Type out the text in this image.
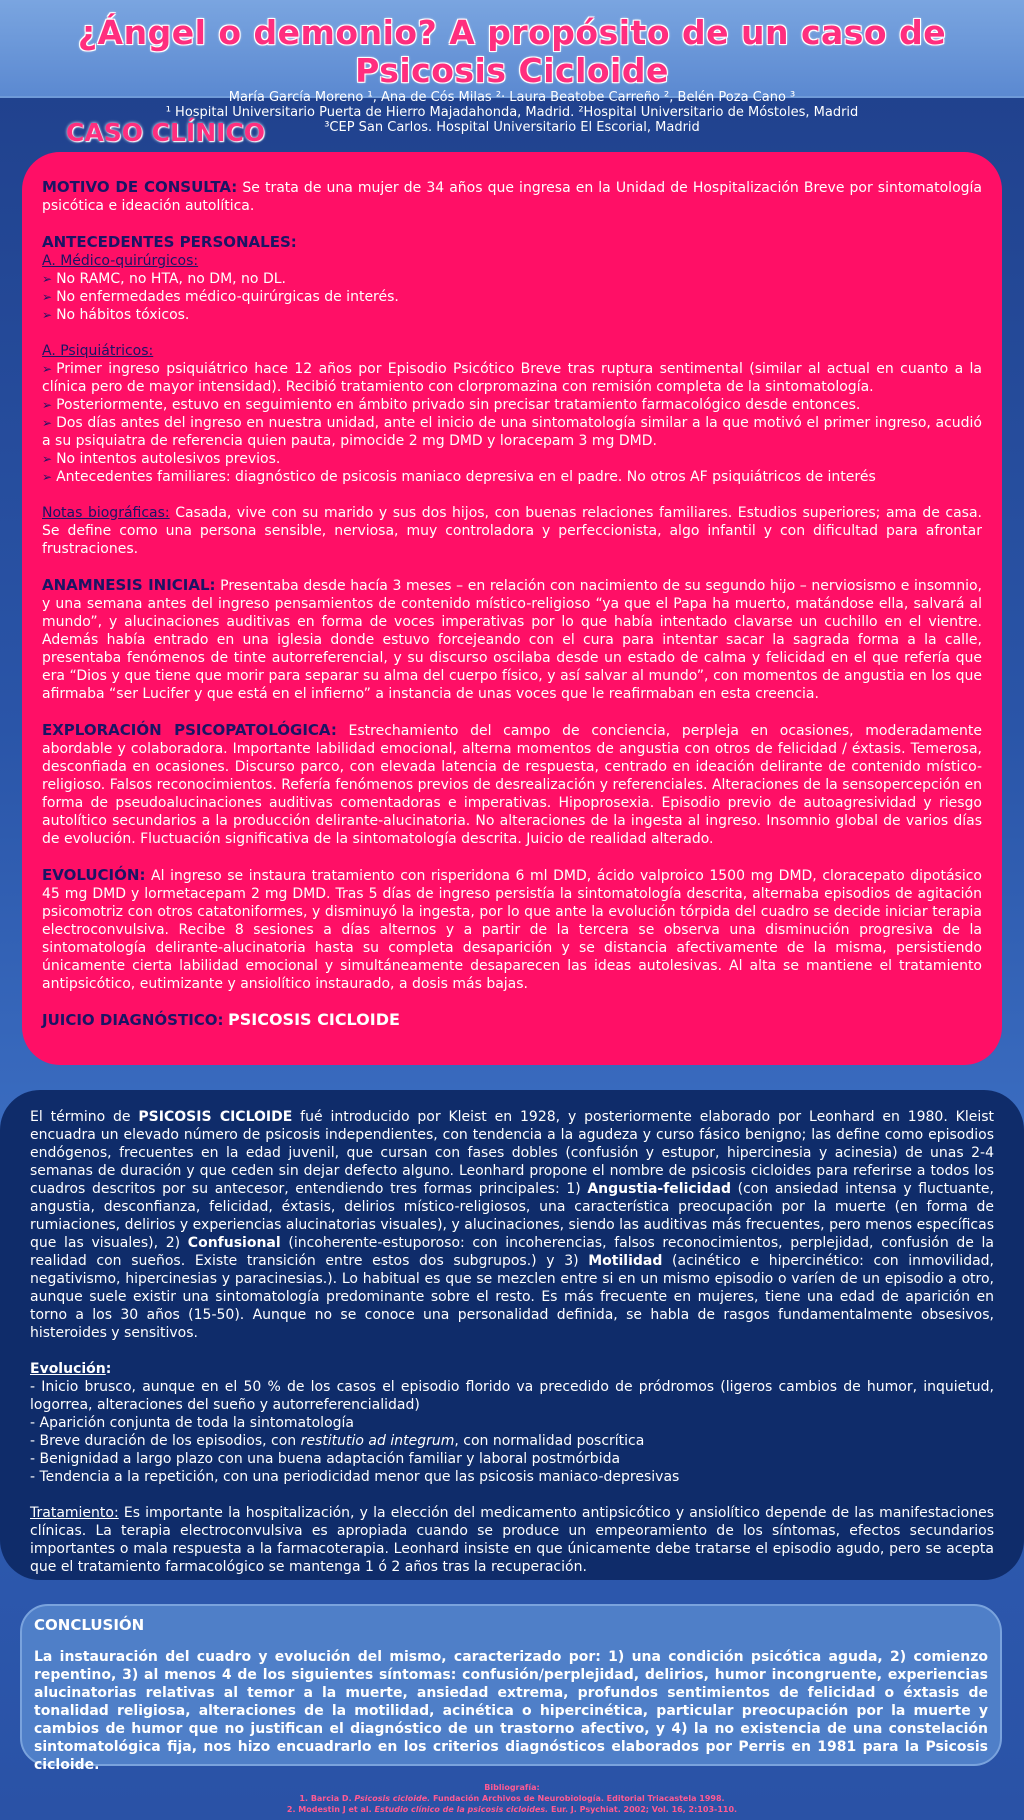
¿Ángel o demonio? A propósito de un caso de Psicosis Cicloide

María García Moreno ¹, Ana de Cós Milas ²· Laura Beatobe Carreño ², Belén Poza Cano ³

¹ Hospital Universitario Puerta de Hierro Majadahonda, Madrid. ²Hospital Universitario de Móstoles, Madrid

³CEP San Carlos. Hospital Universitario El Escorial, Madrid

CASO CLÍNICO

MOTIVO DE CONSULTA: Se trata de una mujer de 34 años que ingresa en la Unidad de Hospitalización Breve por sintomatología psicótica e ideación autolítica.

ANTECEDENTES PERSONALES:

A. Médico-quirúrgicos:

➢ No RAMC, no HTA, no DM, no DL.

➢ No enfermedades médico-quirúrgicas de interés.

➢ No hábitos tóxicos.

A. Psiquiátricos:

➢ Primer ingreso psiquiátrico hace 12 años por Episodio Psicótico Breve tras ruptura sentimental (similar al actual en cuanto a la clínica pero de mayor intensidad). Recibió tratamiento con clorpromazina con remisión completa de la sintomatología.

➢ Posteriormente, estuvo en seguimiento en ámbito privado sin precisar tratamiento farmacológico desde entonces.

➢ Dos días antes del ingreso en nuestra unidad, ante el inicio de una sintomatología similar a la que motivó el primer ingreso, acudió a su psiquiatra de referencia quien pauta, pimocide 2 mg DMD y loracepam 3 mg DMD.

➢ No intentos autolesivos previos.

➢ Antecedentes familiares: diagnóstico de psicosis maniaco depresiva en el padre. No otros AF psiquiátricos de interés

Notas biográficas: Casada, vive con su marido y sus dos hijos, con buenas relaciones familiares. Estudios superiores; ama de casa. Se define como una persona sensible, nerviosa, muy controladora y perfeccionista, algo infantil y con dificultad para afrontar frustraciones.

ANAMNESIS INICIAL: Presentaba desde hacía 3 meses – en relación con nacimiento de su segundo hijo – nerviosismo e insomnio, y una semana antes del ingreso pensamientos de contenido místico-religioso “ya que el Papa ha muerto, matándose ella, salvará al mundo”, y alucinaciones auditivas en forma de voces imperativas por lo que había intentado clavarse un cuchillo en el vientre. Además había entrado en una iglesia donde estuvo forcejeando con el cura para intentar sacar la sagrada forma a la calle, presentaba fenómenos de tinte autorreferencial, y su discurso oscilaba desde un estado de calma y felicidad en el que refería que era “Dios y que tiene que morir para separar su alma del cuerpo físico, y así salvar al mundo”, con momentos de angustia en los que afirmaba “ser Lucifer y que está en el infierno” a instancia de unas voces que le reafirmaban en esta creencia.

EXPLORACIÓN PSICOPATOLÓGICA: Estrechamiento del campo de conciencia, perpleja en ocasiones, moderadamente abordable y colaboradora. Importante labilidad emocional, alterna momentos de angustia con otros de felicidad / éxtasis. Temerosa, desconfiada en ocasiones. Discurso parco, con elevada latencia de respuesta, centrado en ideación delirante de contenido místico-religioso. Falsos reconocimientos. Refería fenómenos previos de desrealización y referenciales. Alteraciones de la sensopercepción en forma de pseudoalucinaciones auditivas comentadoras e imperativas. Hipoprosexia. Episodio previo de autoagresividad y riesgo autolítico secundarios a la producción delirante-alucinatoria. No alteraciones de la ingesta al ingreso. Insomnio global de varios días de evolución. Fluctuación significativa de la sintomatología descrita. Juicio de realidad alterado.

EVOLUCIÓN: Al ingreso se instaura tratamiento con risperidona 6 ml DMD, ácido valproico 1500 mg DMD, cloracepato dipotásico 45 mg DMD y lormetacepam 2 mg DMD. Tras 5 días de ingreso persistía la sintomatología descrita, alternaba episodios de agitación psicomotriz con otros catatoniformes, y disminuyó la ingesta, por lo que ante la evolución tórpida del cuadro se decide iniciar terapia electroconvulsiva. Recibe 8 sesiones a días alternos y a partir de la tercera se observa una disminución progresiva de la sintomatología delirante-alucinatoria hasta su completa desaparición y se distancia afectivamente de la misma, persistiendo únicamente cierta labilidad emocional y simultáneamente desaparecen las ideas autolesivas. Al alta se mantiene el tratamiento antipsicótico, eutimizante y ansiolítico instaurado, a dosis más bajas.

JUICIO DIAGNÓSTICO: PSICOSIS CICLOIDE

El término de PSICOSIS CICLOIDE fué introducido por Kleist en 1928, y posteriormente elaborado por Leonhard en 1980. Kleist encuadra un elevado número de psicosis independientes, con tendencia a la agudeza y curso fásico benigno; las define como episodios endógenos, frecuentes en la edad juvenil, que cursan con fases dobles (confusión y estupor, hipercinesia y acinesia) de unas 2-4 semanas de duración y que ceden sin dejar defecto alguno. Leonhard propone el nombre de psicosis cicloides para referirse a todos los cuadros descritos por su antecesor, entendiendo tres formas principales: 1) Angustia-felicidad (con ansiedad intensa y fluctuante, angustia, desconfianza, felicidad, éxtasis, delirios místico-religiosos, una característica preocupación por la muerte (en forma de rumiaciones, delirios y experiencias alucinatorias visuales), y alucinaciones, siendo las auditivas más frecuentes, pero menos específicas que las visuales), 2) Confusional (incoherente-estuporoso: con incoherencias, falsos reconocimientos, perplejidad, confusión de la realidad con sueños. Existe transición entre estos dos subgrupos.) y 3) Motilidad (acinético e hipercinético: con inmovilidad, negativismo, hipercinesias y paracinesias.). Lo habitual es que se mezclen entre si en un mismo episodio o varíen de un episodio a otro, aunque suele existir una sintomatología predominante sobre el resto. Es más frecuente en mujeres, tiene una edad de aparición en torno a los 30 años (15-50). Aunque no se conoce una personalidad definida, se habla de rasgos fundamentalmente obsesivos, histeroides y sensitivos.

Evolución:

- Inicio brusco, aunque en el 50 % de los casos el episodio florido va precedido de pródromos (ligeros cambios de humor, inquietud, logorrea, alteraciones del sueño y autorreferencialidad)

- Aparición conjunta de toda la sintomatología

- Breve duración de los episodios, con restitutio ad integrum, con normalidad poscrítica

- Benignidad a largo plazo con una buena adaptación familiar y laboral postmórbida

- Tendencia a la repetición, con una periodicidad menor que las psicosis maniaco-depresivas

Tratamiento: Es importante la hospitalización, y la elección del medicamento antipsicótico y ansiolítico depende de las manifestaciones clínicas. La terapia electroconvulsiva es apropiada cuando se produce un empeoramiento de los síntomas, efectos secundarios importantes o mala respuesta a la farmacoterapia. Leonhard insiste en que únicamente debe tratarse el episodio agudo, pero se acepta que el tratamiento farmacológico se mantenga 1 ó 2 años tras la recuperación.

CONCLUSIÓN

La instauración del cuadro y evolución del mismo, caracterizado por: 1) una condición psicótica aguda, 2) comienzo repentino, 3) al menos 4 de los siguientes síntomas: confusión/perplejidad, delirios, humor incongruente, experiencias alucinatorias relativas al temor a la muerte, ansiedad extrema, profundos sentimientos de felicidad o éxtasis de tonalidad religiosa, alteraciones de la motilidad, acinética o hipercinética, particular preocupación por la muerte y cambios de humor que no justifican el diagnóstico de un trastorno afectivo, y 4) la no existencia de una constelación sintomatológica fija, nos hizo encuadrarlo en los criterios diagnósticos elaborados por Perris en 1981 para la Psicosis cicloide.

Bibliografía:

1. Barcia D. Psicosis cicloide. Fundación Archivos de Neurobiología. Editorial Triacastela 1998.

2. Modestin J et al. Estudio clínico de la psicosis cicloides. Eur. J. Psychiat. 2002; Vol. 16, 2:103-110.
